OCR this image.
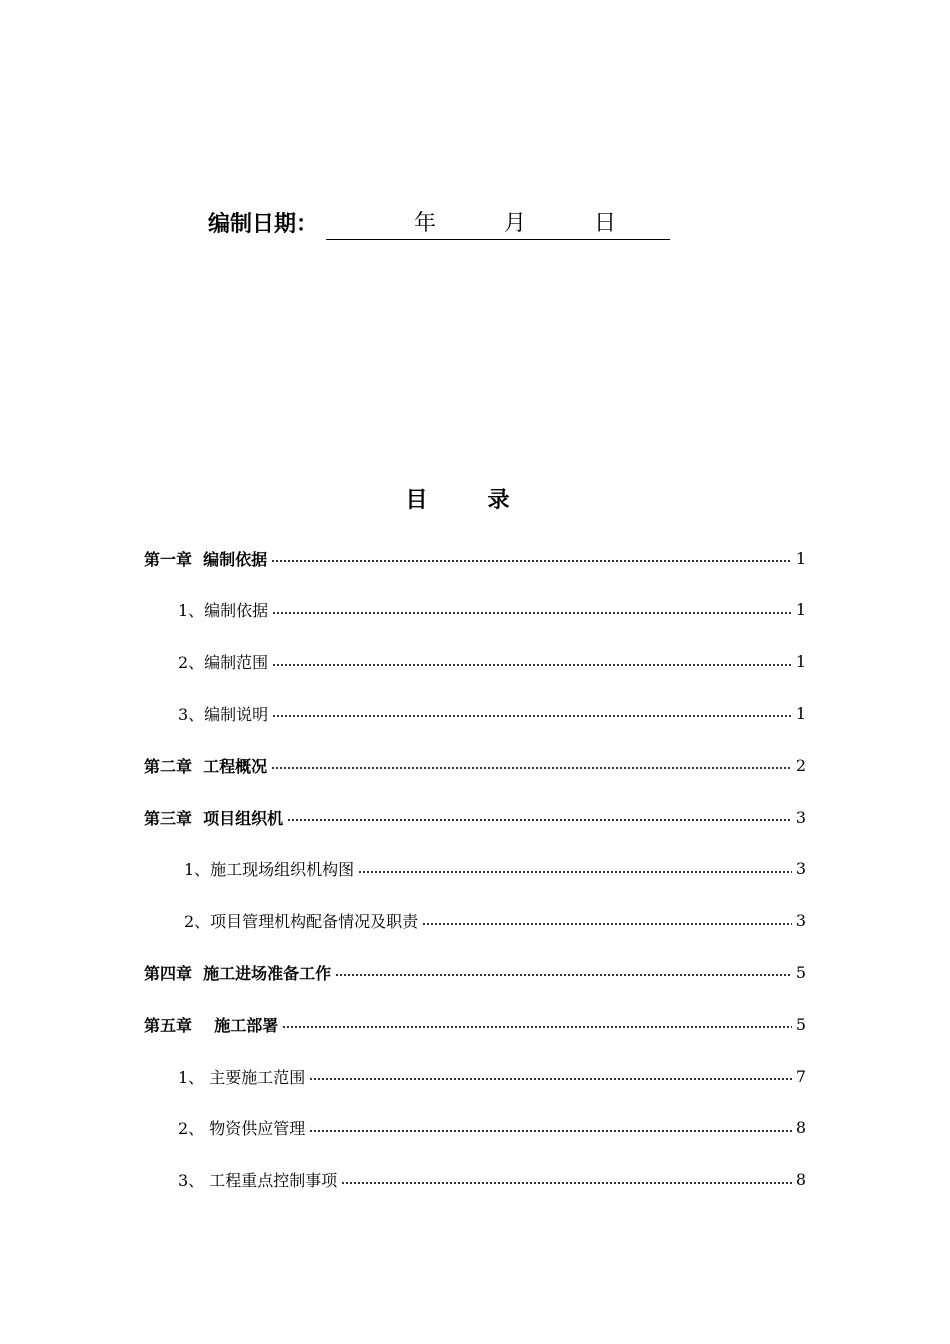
编制日期：	年	月	日
目录
第一章  编制依据	1
1、编制依据	1
2、编制范围	1
3、编制说明	1
第二章  工程概况	2
第三章  项目组织机	3
1、施工现场组织机构图	3
2、项目管理机构配备情况及职责	3
第四章  施工进场准备工作	5
第五章    施工部署	5
1、 主要施工范围	7
2、 物资供应管理	8
3、 工程重点控制事项	8
